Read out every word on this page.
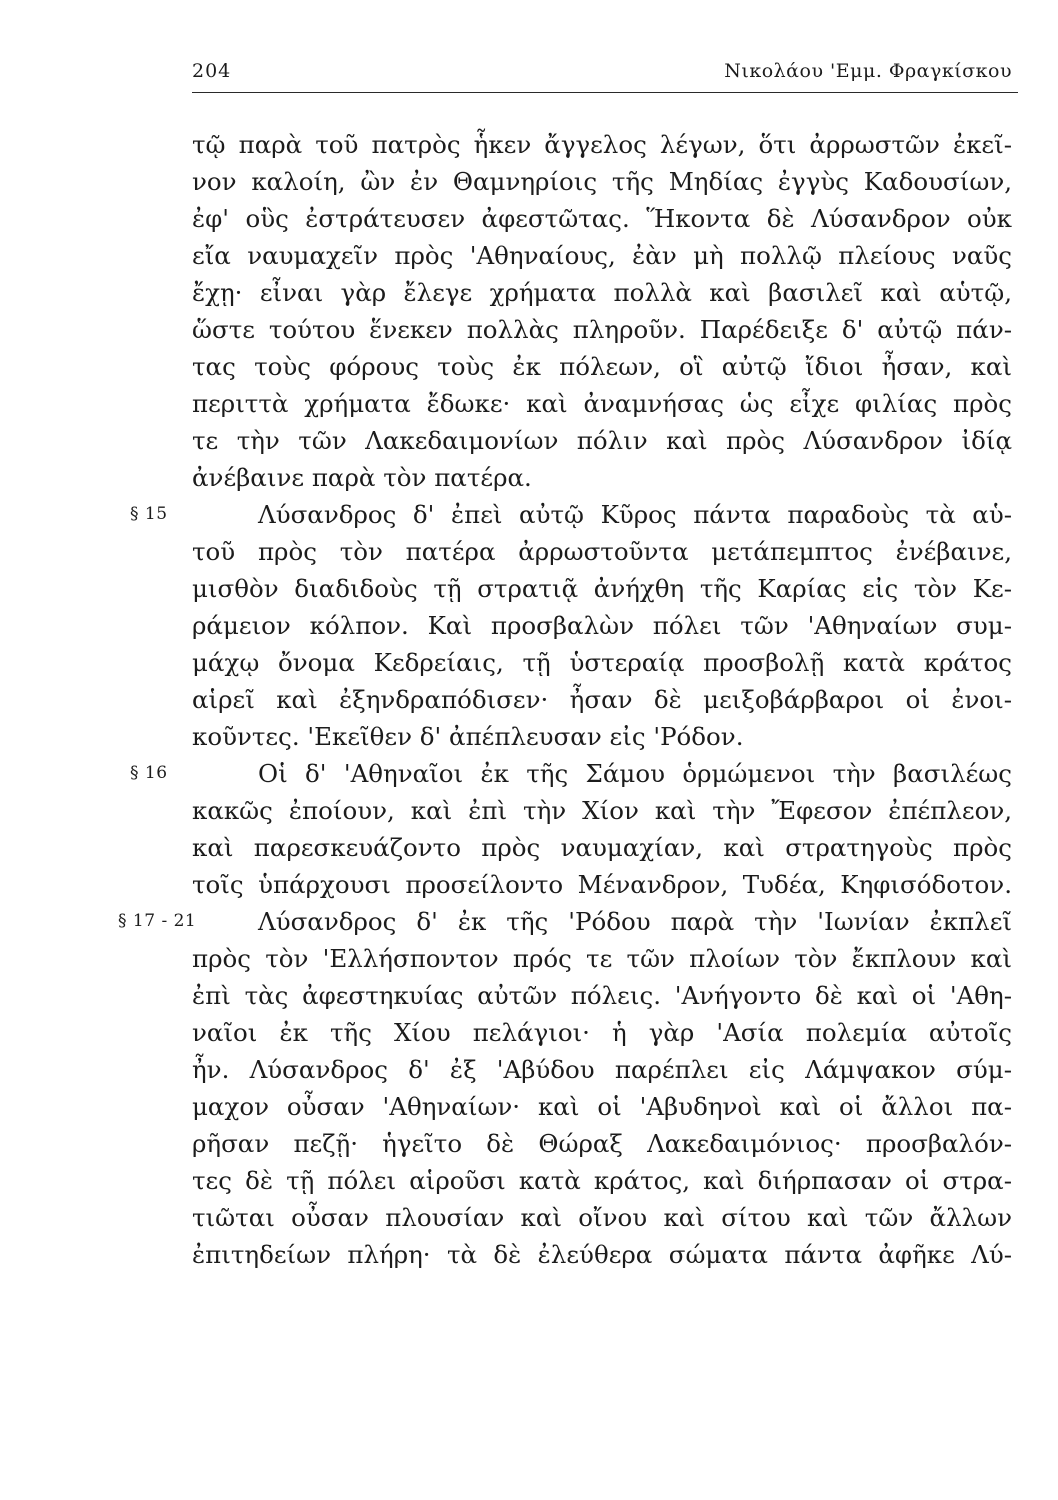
204	Νικολάου 'Εμμ. Φραγκίσκου
τῷ παρὰ τοῦ πατρὸς ἧκεν ἄγγελος λέγων, ὅτι ἀρρωστῶν ἐκεῖ-
νον καλοίη, ὢν ἐν Θαμνηρίοις τῆς Μηδίας ἐγγὺς Καδουσίων,
ἐφ' οὓς ἐστράτευσεν ἀφεστῶτας. Ἥκοντα δὲ Λύσανδρον οὐκ
εἴα ναυμαχεῖν πρὸς 'Αθηναίους, ἐὰν μὴ πολλῷ πλείους ναῦς
ἔχῃ· εἶναι γὰρ ἔλεγε χρήματα πολλὰ καὶ βασιλεῖ καὶ αὑτῷ,
ὥστε τούτου ἕνεκεν πολλὰς πληροῦν. Παρέδειξε δ' αὐτῷ πάν-
τας τοὺς φόρους τοὺς ἐκ πόλεων, οἳ αὐτῷ ἴδιοι ἦσαν, καὶ
περιττὰ χρήματα ἔδωκε· καὶ ἀναμνήσας ὡς εἶχε φιλίας πρὸς
τε τὴν τῶν Λακεδαιμονίων πόλιν καὶ πρὸς Λύσανδρον ἰδίᾳ
ἀνέβαινε παρὰ τὸν πατέρα.
§ 15	Λύσανδρος δ' ἐπεὶ αὐτῷ Κῦρος πάντα παραδοὺς τὰ αὑ-
τοῦ πρὸς τὸν πατέρα ἀρρωστοῦντα μετάπεμπτος ἐνέβαινε,
μισθὸν διαδιδοὺς τῇ στρατιᾷ ἀνήχθη τῆς Καρίας εἰς τὸν Κε-
ράμειον κόλπον. Καὶ προσβαλὼν πόλει τῶν 'Αθηναίων συμ-
μάχῳ ὄνομα Κεδρείαις, τῇ ὑστεραίᾳ προσβολῇ κατὰ κράτος
αἱρεῖ καὶ ἐξηνδραπόδισεν· ἦσαν δὲ μειξοβάρβαροι οἱ ἐνοι-
κοῦντες. 'Εκεῖθεν δ' ἀπέπλευσαν εἰς 'Ρόδον.
§ 16	Οἱ δ' 'Αθηναῖοι ἐκ τῆς Σάμου ὁρμώμενοι τὴν βασιλέως
κακῶς ἐποίουν, καὶ ἐπὶ τὴν Χίον καὶ τὴν Ἔφεσον ἐπέπλεον,
καὶ παρεσκευάζοντο πρὸς ναυμαχίαν, καὶ στρατηγοὺς πρὸς
τοῖς ὑπάρχουσι προσείλοντο Μένανδρον, Τυδέα, Κηφισόδοτον.
§ 17 - 21	Λύσανδρος δ' ἐκ τῆς 'Ρόδου παρὰ τὴν 'Ιωνίαν ἐκπλεῖ
πρὸς τὸν 'Ελλήσποντον πρός τε τῶν πλοίων τὸν ἔκπλουν καὶ
ἐπὶ τὰς ἀφεστηκυίας αὐτῶν πόλεις. 'Ανήγοντο δὲ καὶ οἱ 'Αθη-
ναῖοι ἐκ τῆς Χίου πελάγιοι· ἡ γὰρ 'Ασία πολεμία αὐτοῖς
ἦν. Λύσανδρος δ' ἐξ 'Αβύδου παρέπλει εἰς Λάμψακον σύμ-
μαχον οὖσαν 'Αθηναίων· καὶ οἱ 'Αβυδηνοὶ καὶ οἱ ἄλλοι πα-
ρῆσαν πεζῇ· ἡγεῖτο δὲ Θώραξ Λακεδαιμόνιος· προσβαλόν-
τες δὲ τῇ πόλει αἱροῦσι κατὰ κράτος, καὶ διήρπασαν οἱ στρα-
τιῶται οὖσαν πλουσίαν καὶ οἴνου καὶ σίτου καὶ τῶν ἄλλων
ἐπιτηδείων πλήρη· τὰ δὲ ἐλεύθερα σώματα πάντα ἀφῆκε Λύ-
